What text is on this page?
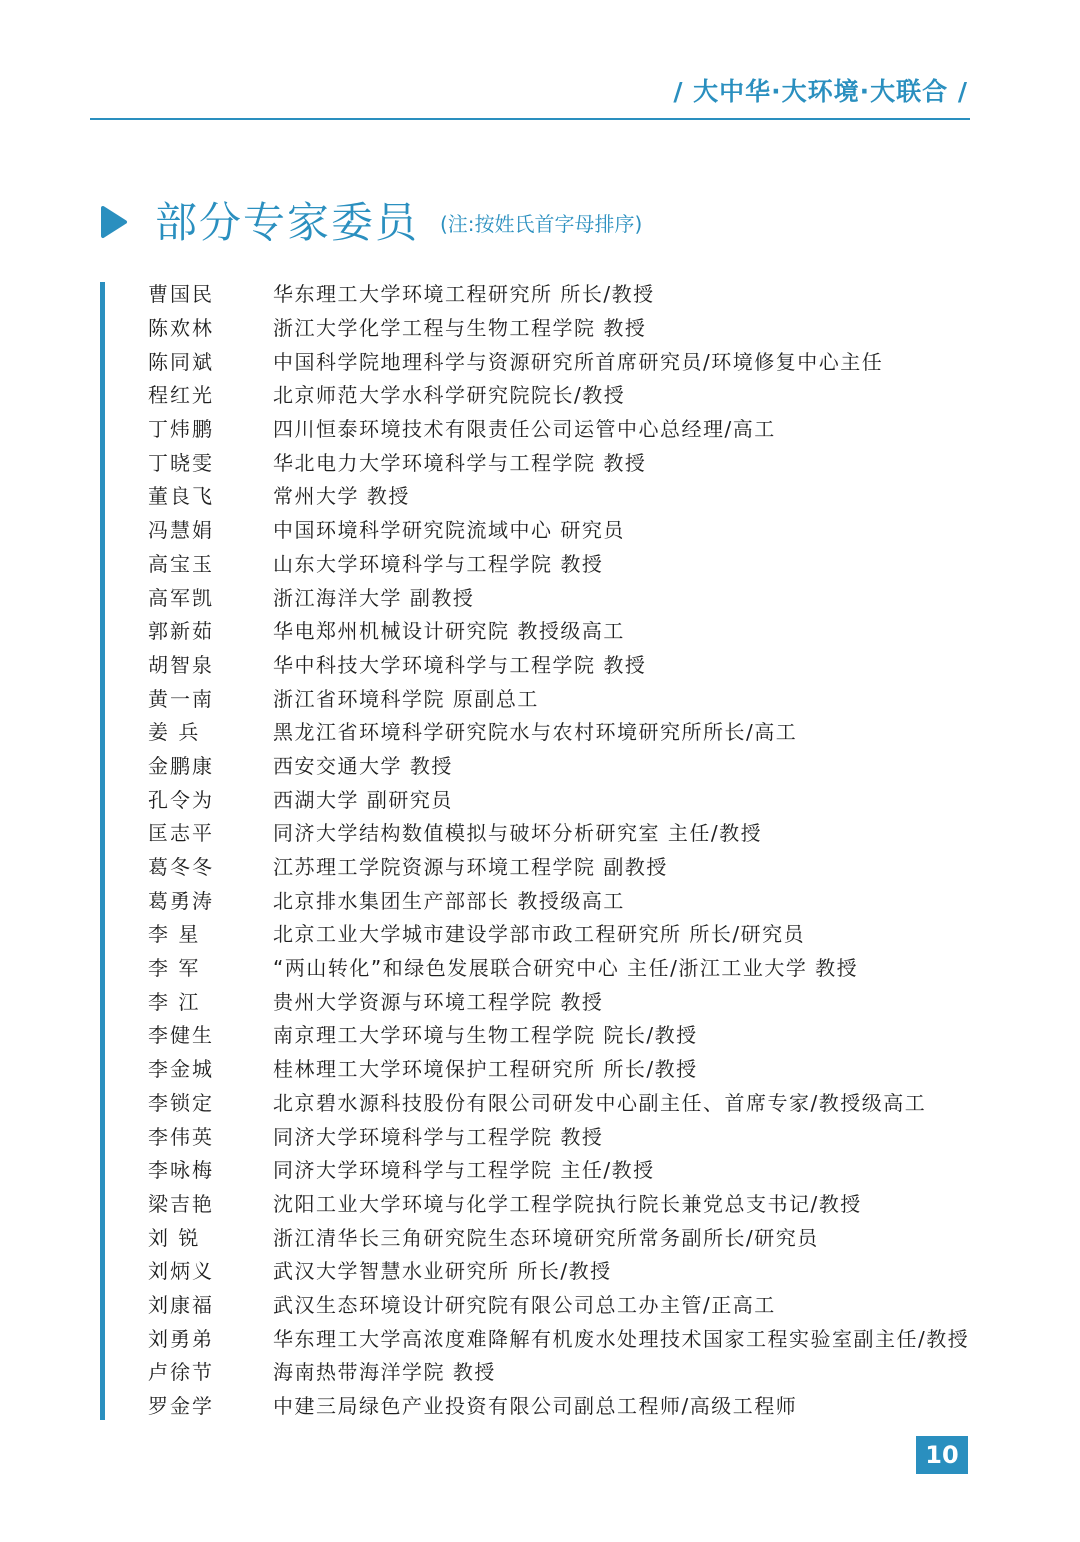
/ 大中华·大环境·大联合 /
部分专家委员 (注:按姓氏首字母排序)
曹国民	华东理工大学环境工程研究所 所长/教授
陈欢林	浙江大学化学工程与生物工程学院 教授
陈同斌	中国科学院地理科学与资源研究所首席研究员/环境修复中心主任
程红光	北京师范大学水科学研究院院长/教授
丁炜鹏	四川恒泰环境技术有限责任公司运管中心总经理/高工
丁晓雯	华北电力大学环境科学与工程学院 教授
董良飞	常州大学 教授
冯慧娟	中国环境科学研究院流域中心 研究员
高宝玉	山东大学环境科学与工程学院 教授
高军凯	浙江海洋大学 副教授
郭新茹	华电郑州机械设计研究院 教授级高工
胡智泉	华中科技大学环境科学与工程学院 教授
黄一南	浙江省环境科学院 原副总工
姜 兵	黑龙江省环境科学研究院水与农村环境研究所所长/高工
金鹏康	西安交通大学 教授
孔令为	西湖大学 副研究员
匡志平	同济大学结构数值模拟与破坏分析研究室 主任/教授
葛冬冬	江苏理工学院资源与环境工程学院 副教授
葛勇涛	北京排水集团生产部部长 教授级高工
李 星	北京工业大学城市建设学部市政工程研究所 所长/研究员
李 军	“两山转化”和绿色发展联合研究中心 主任/浙江工业大学 教授
李 江	贵州大学资源与环境工程学院 教授
李健生	南京理工大学环境与生物工程学院 院长/教授
李金城	桂林理工大学环境保护工程研究所 所长/教授
李锁定	北京碧水源科技股份有限公司研发中心副主任、首席专家/教授级高工
李伟英	同济大学环境科学与工程学院 教授
李咏梅	同济大学环境科学与工程学院 主任/教授
梁吉艳	沈阳工业大学环境与化学工程学院执行院长兼党总支书记/教授
刘 锐	浙江清华长三角研究院生态环境研究所常务副所长/研究员
刘炳义	武汉大学智慧水业研究所 所长/教授
刘康福	武汉生态环境设计研究院有限公司总工办主管/正高工
刘勇弟	华东理工大学高浓度难降解有机废水处理技术国家工程实验室副主任/教授
卢徐节	海南热带海洋学院 教授
罗金学	中建三局绿色产业投资有限公司副总工程师/高级工程师
10
